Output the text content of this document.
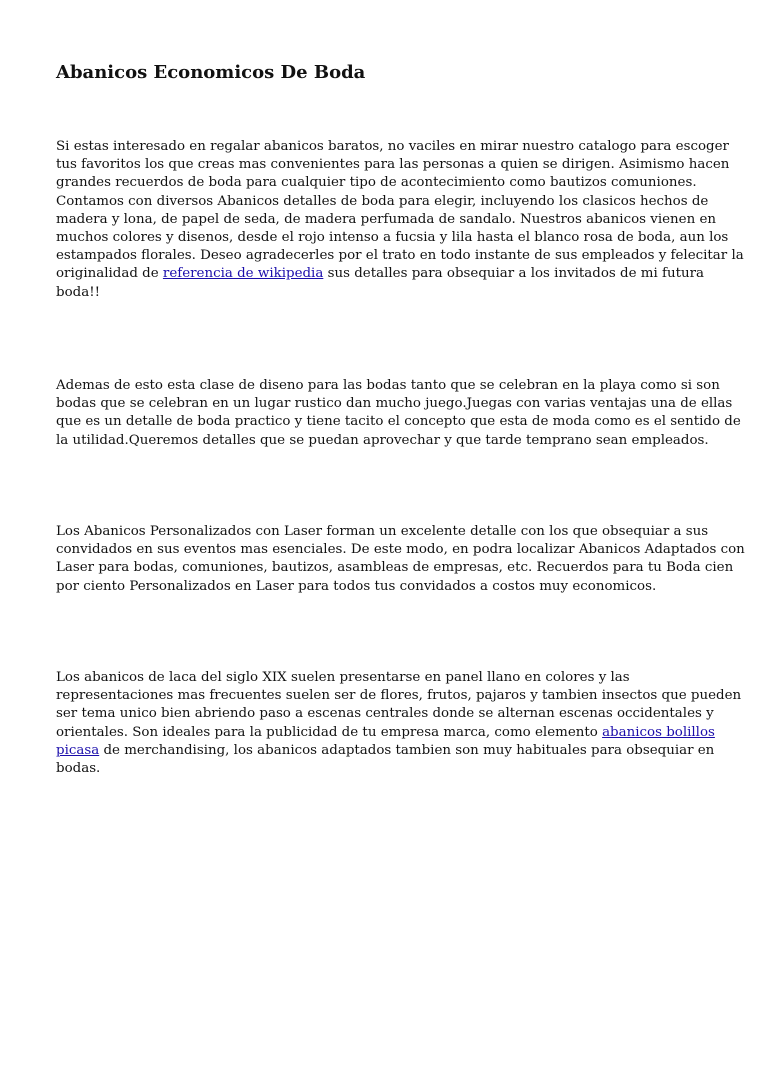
Abanicos Economicos De Boda

Si estas interesado en regalar abanicos baratos, no vaciles en mirar nuestro catalogo para escoger
tus favoritos los que creas mas convenientes para las personas a quien se dirigen. Asimismo hacen
grandes recuerdos de boda para cualquier tipo de acontecimiento como bautizos comuniones.
Contamos con diversos Abanicos detalles de boda para elegir, incluyendo los clasicos hechos de
madera y lona, de papel de seda, de madera perfumada de sandalo. Nuestros abanicos vienen en
muchos colores y disenos, desde el rojo intenso a fucsia y lila hasta el blanco rosa de boda, aun los
estampados florales. Deseo agradecerles por el trato en todo instante de sus empleados y felecitar la
originalidad de referencia de wikipedia sus detalles para obsequiar a los invitados de mi futura
boda!!

Ademas de esto esta clase de diseno para las bodas tanto que se celebran en la playa como si son
bodas que se celebran en un lugar rustico dan mucho juego.Juegas con varias ventajas una de ellas
que es un detalle de boda practico y tiene tacito el concepto que esta de moda como es el sentido de
la utilidad.Queremos detalles que se puedan aprovechar y que tarde temprano sean empleados.

Los Abanicos Personalizados con Laser forman un excelente detalle con los que obsequiar a sus
convidados en sus eventos mas esenciales. De este modo, en podra localizar Abanicos Adaptados con
Laser para bodas, comuniones, bautizos, asambleas de empresas, etc. Recuerdos para tu Boda cien
por ciento Personalizados en Laser para todos tus convidados a costos muy economicos.

Los abanicos de laca del siglo XIX suelen presentarse en panel llano en colores y las
representaciones mas frecuentes suelen ser de flores, frutos, pajaros y tambien insectos que pueden
ser tema unico bien abriendo paso a escenas centrales donde se alternan escenas occidentales y
orientales. Son ideales para la publicidad de tu empresa marca, como elemento abanicos bolillos
picasa de merchandising, los abanicos adaptados tambien son muy habituales para obsequiar en
bodas.
